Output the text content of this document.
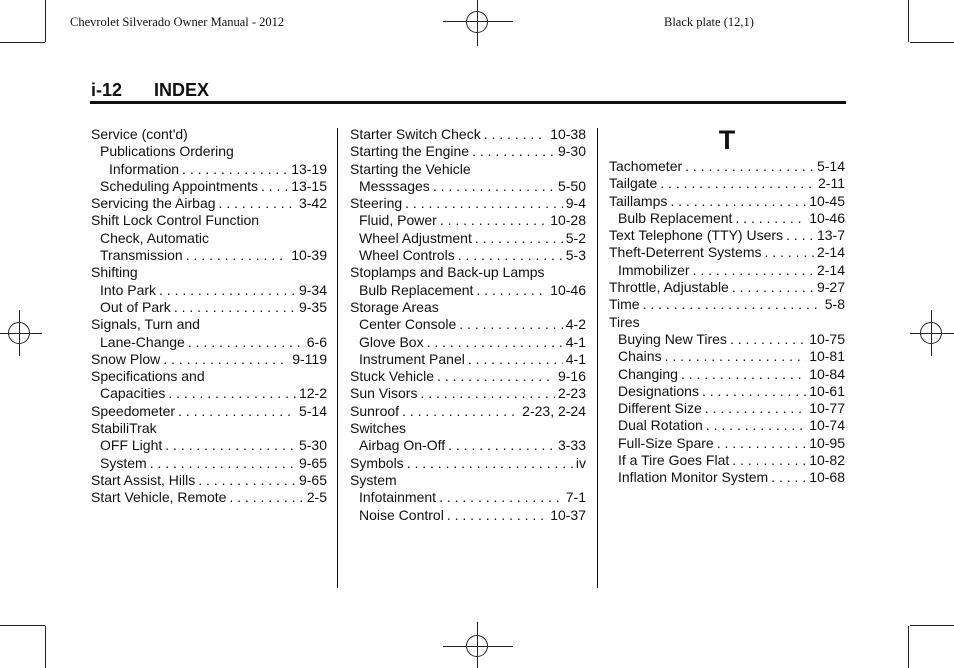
Chevrolet Silverado Owner Manual - 2012	Black plate (12,1)
i-12 INDEX
Service (cont'd)
Publications Ordering
Information . . .	13-19
Scheduling Appointments . . . 13-15
Servicing the Airbag . . .	3-42
Shift Lock Control Function
Check, Automatic
Transmission . . .	10-39
Shifting
Into Park . . .	9-34
Out of Park . . .	9-35
Signals, Turn and
Lane-Change . . .	6-6
Snow Plow . . .	9-119
Specifications and
Capacities . . .	12-2
Speedometer . . .	5-14
StabiliTrak
OFF Light . . .	5-30
System . . .	9-65
Start Assist, Hills . . .	9-65
Start Vehicle, Remote . . .	2-5
Starter Switch Check . . .	10-38
Starting the Engine . . .	9-30
Starting the Vehicle
Messsages . . .	5-50
Steering . . .	9-4
Fluid, Power . . .	10-28
Wheel Adjustment . . .	5-2
Wheel Controls . . .	5-3
Stoplamps and Back-up Lamps
Bulb Replacement . . .	10-46
Storage Areas
Center Console . . .	4-2
Glove Box . . .	4-1
Instrument Panel . . .	4-1
Stuck Vehicle . . .	9-16
Sun Visors . . .	2-23
Sunroof . . .	2-23, 2-24
Switches
Airbag On-Off . . .	3-33
Symbols . . .	iv
System
Infotainment . . .	7-1
Noise Control . . .	10-37
T
Tachometer . . .	5-14
Tailgate . . .	2-11
Taillamps . . .	10-45
Bulb Replacement . . .	10-46
Text Telephone (TTY) Users . . . 13-7
Theft-Deterrent Systems . . .	2-14
Immobilizer . . .	2-14
Throttle, Adjustable . . .	9-27
Time . . .	5-8
Tires
Buying New Tires . . .	10-75
Chains . . .	10-81
Changing . . .	10-84
Designations . . .	10-61
Different Size . . .	10-77
Dual Rotation . . .	10-74
Full-Size Spare . . .	10-95
If a Tire Goes Flat . . .	10-82
Inflation Monitor System . . .	10-68
